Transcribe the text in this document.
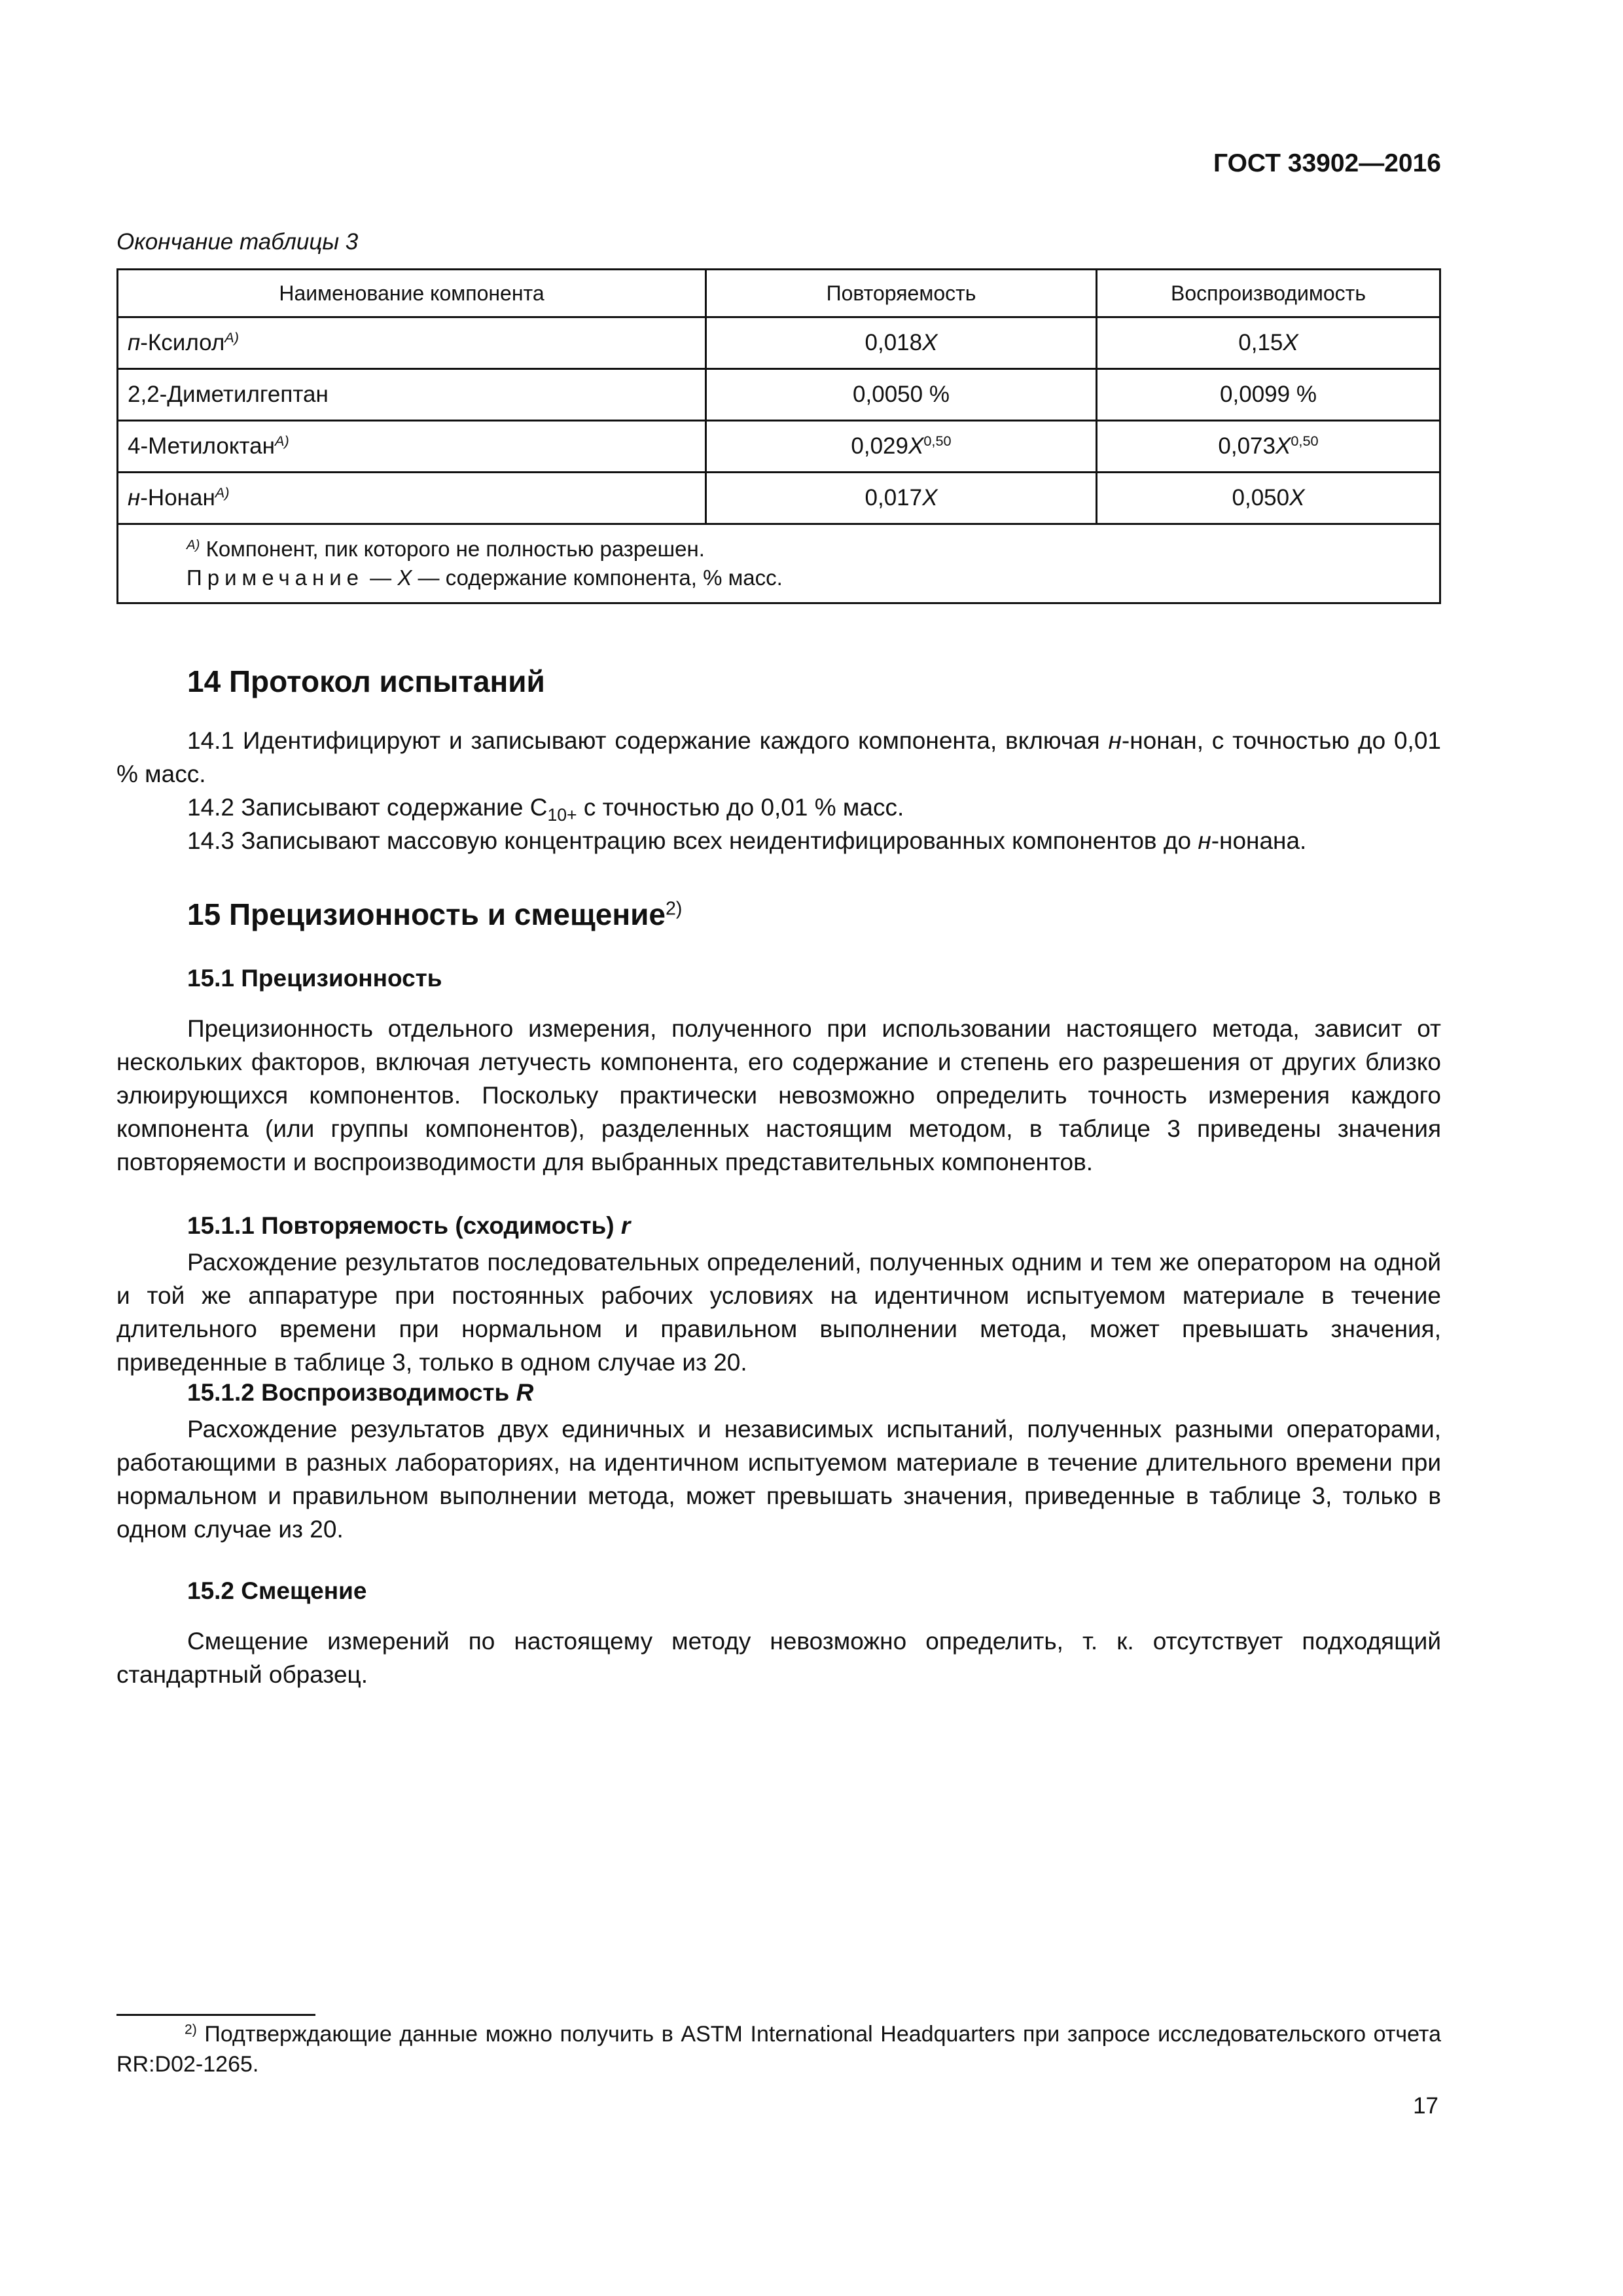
ГОСТ 33902—2016
Окончание таблицы 3
Наименование компонента	Повторяемость	Воспроизводимость
п-Ксилол$^{А)}$	0,018X	0,15X
2,2-Диметилгептан	0,0050 %	0,0099 %
4-Метилоктан$^{А)}$	$0,029X^{0,50}$	$0,073X^{0,50}$
н-Нонан$^{А)}$	0,017X	0,050X

$^{А)}$ Компонент, пик которого не полностью разрешен.
Примечание — X — содержание компонента, % масс.		
14 Протокол испытаний

14.1 Идентифицируют и записывают содержание каждого компонента, включая н-нонан, с точностью до 0,01 % масс.

14.2 Записывают содержание $C_{10+}$ с точностью до 0,01 % масс.

14.3 Записывают массовую концентрацию всех неидентифицированных компонентов до н-нонана.

15 Прецизионность и смещение$^{2)}$
15.1 Прецизионность

Прецизионность отдельного измерения, полученного при использовании настоящего метода, зависит от нескольких факторов, включая летучесть компонента, его содержание и степень его разрешения от других близко элюирующихся компонентов. Поскольку практически невозможно определить точность измерения каждого компонента (или группы компонентов), разделенных настоящим методом, в таблице 3 приведены значения повторяемости и воспроизводимости для выбранных представительных компонентов.

15.1.1 Повторяемость (сходимость) r

Расхождение результатов последовательных определений, полученных одним и тем же оператором на одной и той же аппаратуре при постоянных рабочих условиях на идентичном испытуемом материале в течение длительного времени при нормальном и правильном выполнении метода, может превышать значения, приведенные в таблице 3, только в одном случае из 20.

15.1.2 Воспроизводимость R

Расхождение результатов двух единичных и независимых испытаний, полученных разными операторами, работающими в разных лабораториях, на идентичном испытуемом материале в течение длительного времени при нормальном и правильном выполнении метода, может превышать значения, приведенные в таблице 3, только в одном случае из 20.

15.2 Смещение

Смещение измерений по настоящему методу невозможно определить, т. к. отсутствует подходящий стандартный образец.

$^{2)}$ Подтверждающие данные можно получить в ASTM International Headquarters при запросе исследовательского отчета RR:D02-1265.

17
